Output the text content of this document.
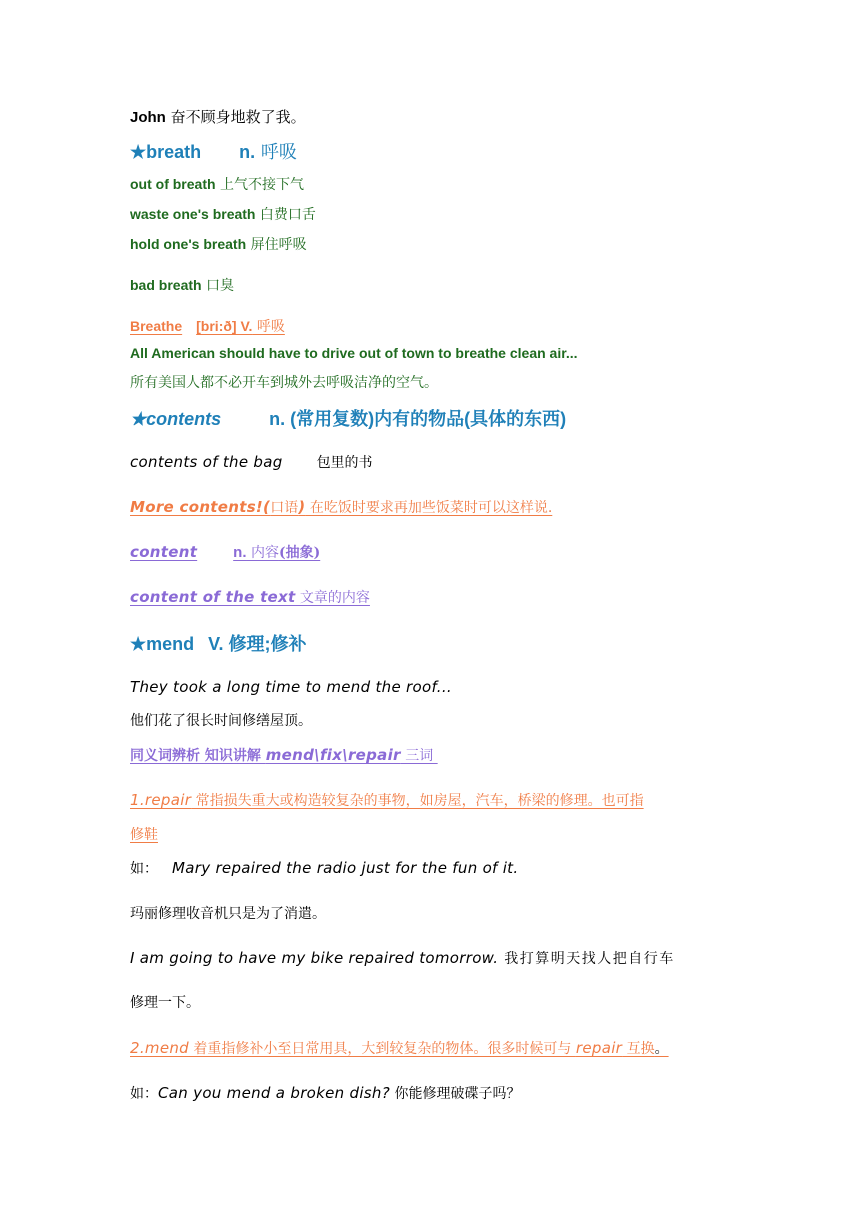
John 奋不顾身地救了我。
★breath n. 呼吸
out of breath 上气不接下气
waste one's breath 白费口舌
hold one's breath 屏住呼吸
bad breath 口臭
Breathe [bri:ð] V. 呼吸
All American should have to drive out of town to breathe clean air...
所有美国人都不必开车到城外去呼吸洁净的空气。
★contents	n. (常用复数)内有的物品(具体的东西)
contents of the bag 包里的书
More contents!(口语) 在吃饭时要求再加些饭菜时可以这样说.
content n. 内容(抽象)
content of the text 文章的内容
★mend V. 修理;修补
They took a long time to mend the roof...
他们花了很长时间修缮屋顶。
同义词辨析 知识讲解 mend\fix\repair 三词
1.repair 常指损失重大或构造较复杂的事物，如房屋，汽车，桥梁的修理。也可指
修鞋
如： Mary repaired the radio just for the fun of it.
玛丽修理收音机只是为了消遣。
I am going to have my bike repaired tomorrow. 我打算明天找人把自行车
修理一下。
2.mend 着重指修补小至日常用具，大到较复杂的物体。很多时候可与 repair 互换。
如：Can you mend a broken dish? 你能修理破碟子吗？
